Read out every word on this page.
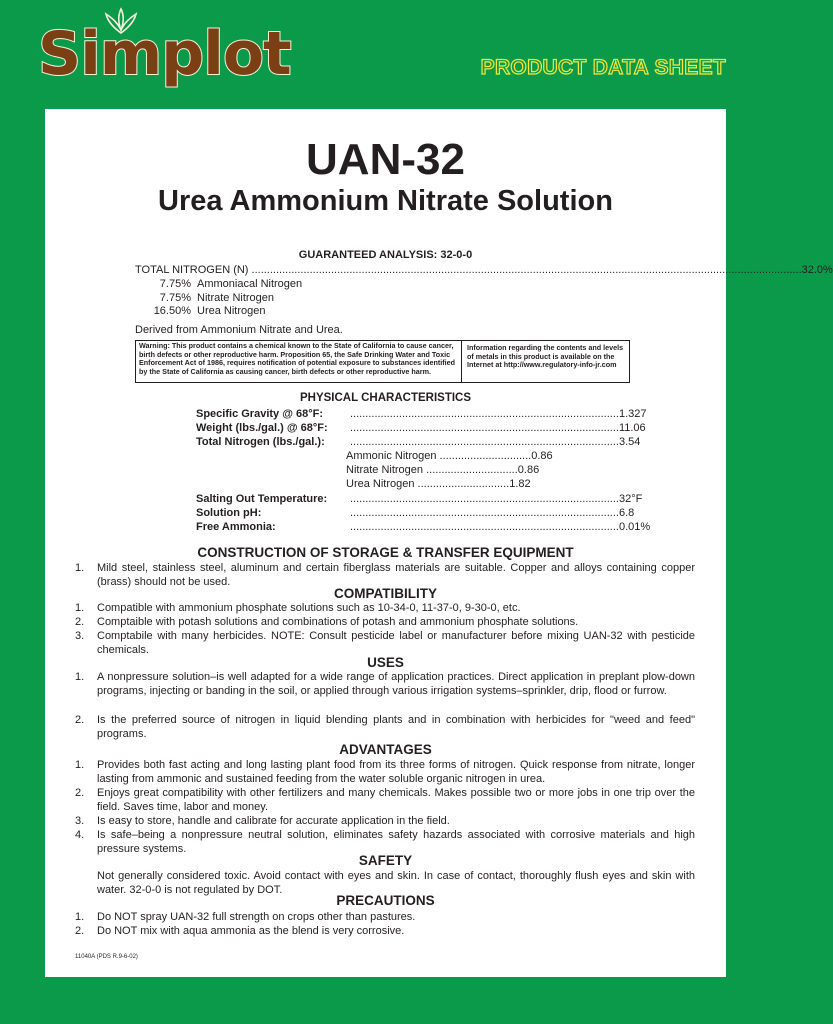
Simplot	PRODUCT DATA SHEET
UAN-32
Urea Ammonium Nitrate Solution
GUARANTEED ANALYSIS: 32-0-0
TOTAL NITROGEN (N) .................................................................................................................................................................................... 32.0%
7.75% Ammoniacal Nitrogen
7.75% Nitrate Nitrogen
16.50% Urea Nitrogen
Derived from Ammonium Nitrate and Urea.
Warning: This product contains a chemical known to the State of California to cause cancer, birth defects or other reproductive harm. Proposition 65, the Safe Drinking Water and Toxic Enforcement Act of 1986, requires notification of potential exposure to substances identified by the State of California as causing cancer, birth defects or other reproductive harm.
Information regarding the contents and levels of metals in this product is available on the Internet at http://www.regulatory-info-jr.com
PHYSICAL CHARACTERISTICS
Specific Gravity @ 68°F: ........................................................................................ 1.327
Weight (lbs./gal.) @ 68°F: ........................................................................................ 11.06
Total Nitrogen (lbs./gal.): ........................................................................................ 3.54
Ammonic Nitrogen .............................. 0.86
Nitrate Nitrogen .............................. 0.86
Urea Nitrogen .............................. 1.82
Salting Out Temperature: ........................................................................................ 32°F
Solution pH:	........................................................................................ 6.8
Free Ammonia:	........................................................................................ 0.01%
CONSTRUCTION OF STORAGE & TRANSFER EQUIPMENT
1. Mild steel, stainless steel, aluminum and certain fiberglass materials are suitable. Copper and alloys containing copper (brass) should not be used.
COMPATIBILITY
1. Compatible with ammonium phosphate solutions such as 10-34-0, 11-37-0, 9-30-0, etc.
2. Comptaible with potash solutions and combinations of potash and ammonium phosphate solutions.
3. Comptabile with many herbicides. NOTE: Consult pesticide label or manufacturer before mixing UAN-32 with pesticide chemicals.
USES
1. A nonpressure solution–is well adapted for a wide range of application practices. Direct application in preplant plow-down programs, injecting or banding in the soil, or applied through various irrigation systems–sprinkler, drip, flood or furrow.
2. Is the preferred source of nitrogen in liquid blending plants and in combination with herbicides for "weed and feed" programs.
ADVANTAGES
1. Provides both fast acting and long lasting plant food from its three forms of nitrogen. Quick response from nitrate, longer lasting from ammonic and sustained feeding from the water soluble organic nitrogen in urea.
2. Enjoys great compatibility with other fertilizers and many chemicals. Makes possible two or more jobs in one trip over the field. Saves time, labor and money.
3. Is easy to store, handle and calibrate for accurate application in the field.
4. Is safe–being a nonpressure neutral solution, eliminates safety hazards associated with corrosive materials and high pressure systems.
SAFETY
Not generally considered toxic. Avoid contact with eyes and skin. In case of contact, thoroughly flush eyes and skin with water. 32-0-0 is not regulated by DOT.
PRECAUTIONS
1. Do NOT spray UAN-32 full strength on crops other than pastures.
2. Do NOT mix with aqua ammonia as the blend is very corrosive.
11040A (PDS R.9-6-02)
